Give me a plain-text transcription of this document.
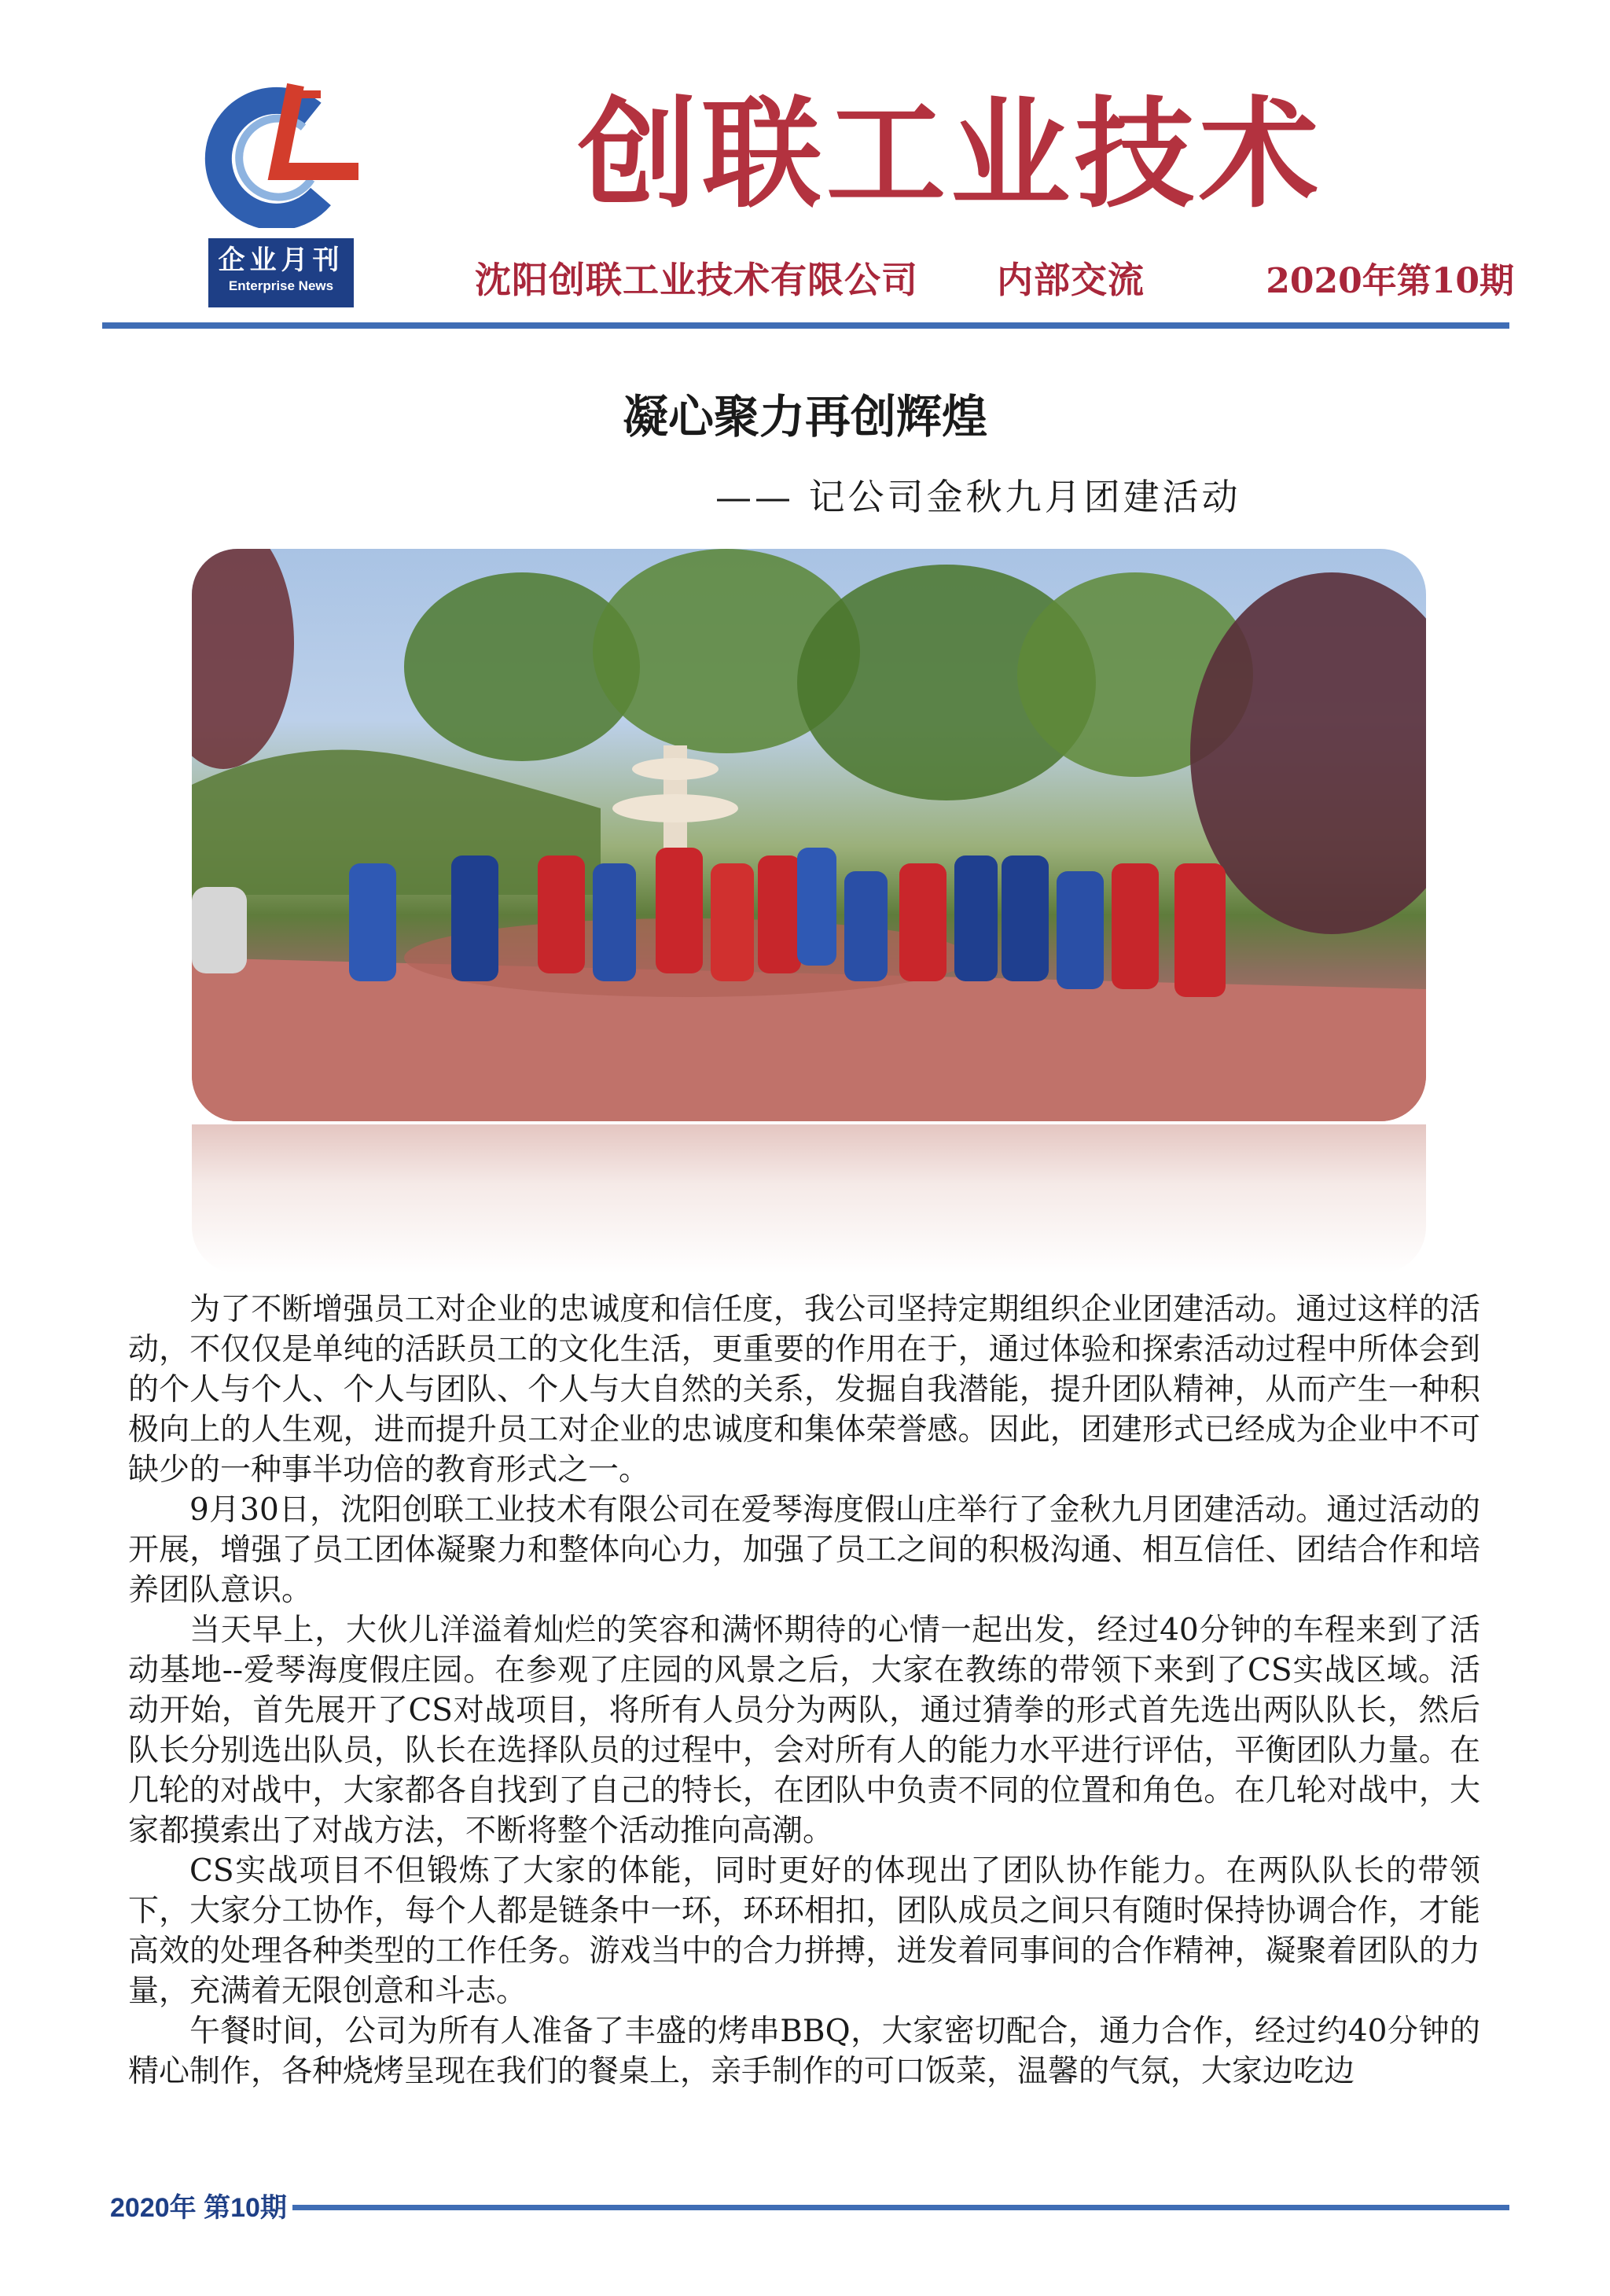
企业月刊
Enterprise News
创联工业技术
沈阳创联工业技术有限公司 内部交流	2020年第10期
凝心聚力再创辉煌
—— 记公司金秋九月团建活动

为了不断增强员工对企业的忠诚度和信任度，我公司坚持定期组织企业团建活动。通过这样的活动，不仅仅是单纯的活跃员工的文化生活，更重要的作用在于，通过体验和探索活动过程中所体会到的个人与个人、个人与团队、个人与大自然的关系，发掘自我潜能，提升团队精神，从而产生一种积极向上的人生观，进而提升员工对企业的忠诚度和集体荣誉感。因此，团建形式已经成为企业中不可缺少的一种事半功倍的教育形式之一。

9月30日，沈阳创联工业技术有限公司在爱琴海度假山庄举行了金秋九月团建活动。通过活动的开展，增强了员工团体凝聚力和整体向心力，加强了员工之间的积极沟通、相互信任、团结合作和培养团队意识。

当天早上，大伙儿洋溢着灿烂的笑容和满怀期待的心情一起出发，经过40分钟的车程来到了活动基地--爱琴海度假庄园。在参观了庄园的风景之后，大家在教练的带领下来到了CS实战区域。活动开始，首先展开了CS对战项目，将所有人员分为两队，通过猜拳的形式首先选出两队队长，然后队长分别选出队员，队长在选择队员的过程中，会对所有人的能力水平进行评估，平衡团队力量。在几轮的对战中，大家都各自找到了自己的特长，在团队中负责不同的位置和角色。在几轮对战中，大家都摸索出了对战方法，不断将整个活动推向高潮。

CS实战项目不但锻炼了大家的体能，同时更好的体现出了团队协作能力。在两队队长的带领下，大家分工协作，每个人都是链条中一环，环环相扣，团队成员之间只有随时保持协调合作，才能高效的处理各种类型的工作任务。游戏当中的合力拼搏，迸发着同事间的合作精神，凝聚着团队的力量，充满着无限创意和斗志。

午餐时间，公司为所有人准备了丰盛的烤串BBQ，大家密切配合，通力合作，经过约40分钟的精心制作，各种烧烤呈现在我们的餐桌上，亲手制作的可口饭菜，温馨的气氛，大家边吃边

2020年 第10期
